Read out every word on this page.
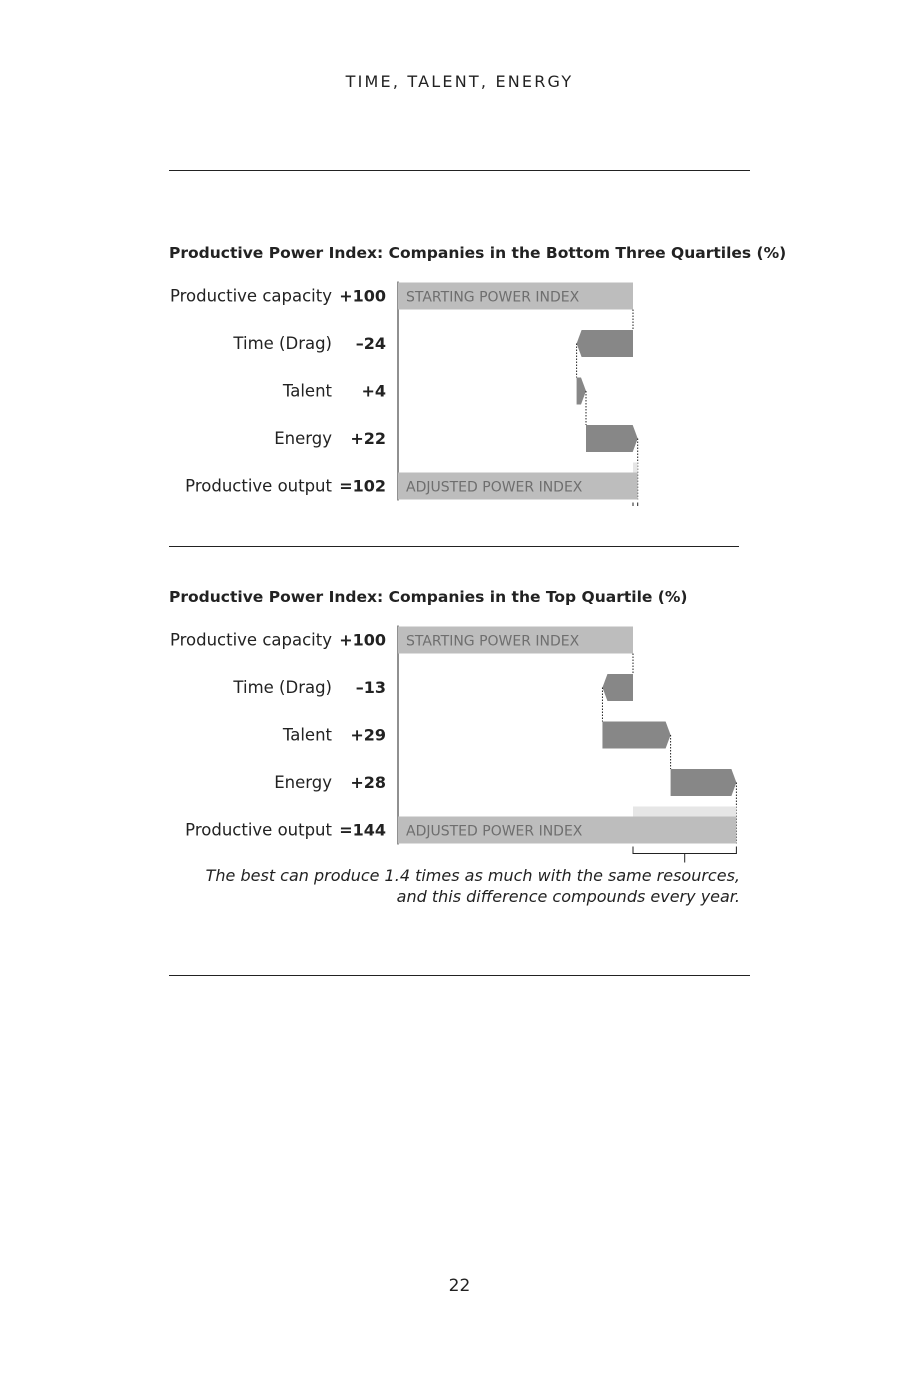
TIME, TALENT, ENERGY
Productive Power Index: Companies in the Bottom Three Quartiles (%)
Productive capacity +100 STARTING POWER INDEX
Time (Drag) –24
Talent +4
Energy +22
Productive output =102 ADJUSTED POWER INDEX
Productive Power Index: Companies in the Top Quartile (%)
Productive capacity +100 STARTING POWER INDEX
Time (Drag) –13
Talent +29
Energy +28
Productive output =144 ADJUSTED POWER INDEX
The best can produce 1.4 times as much with the same resources,
and this difference compounds every year.
22
